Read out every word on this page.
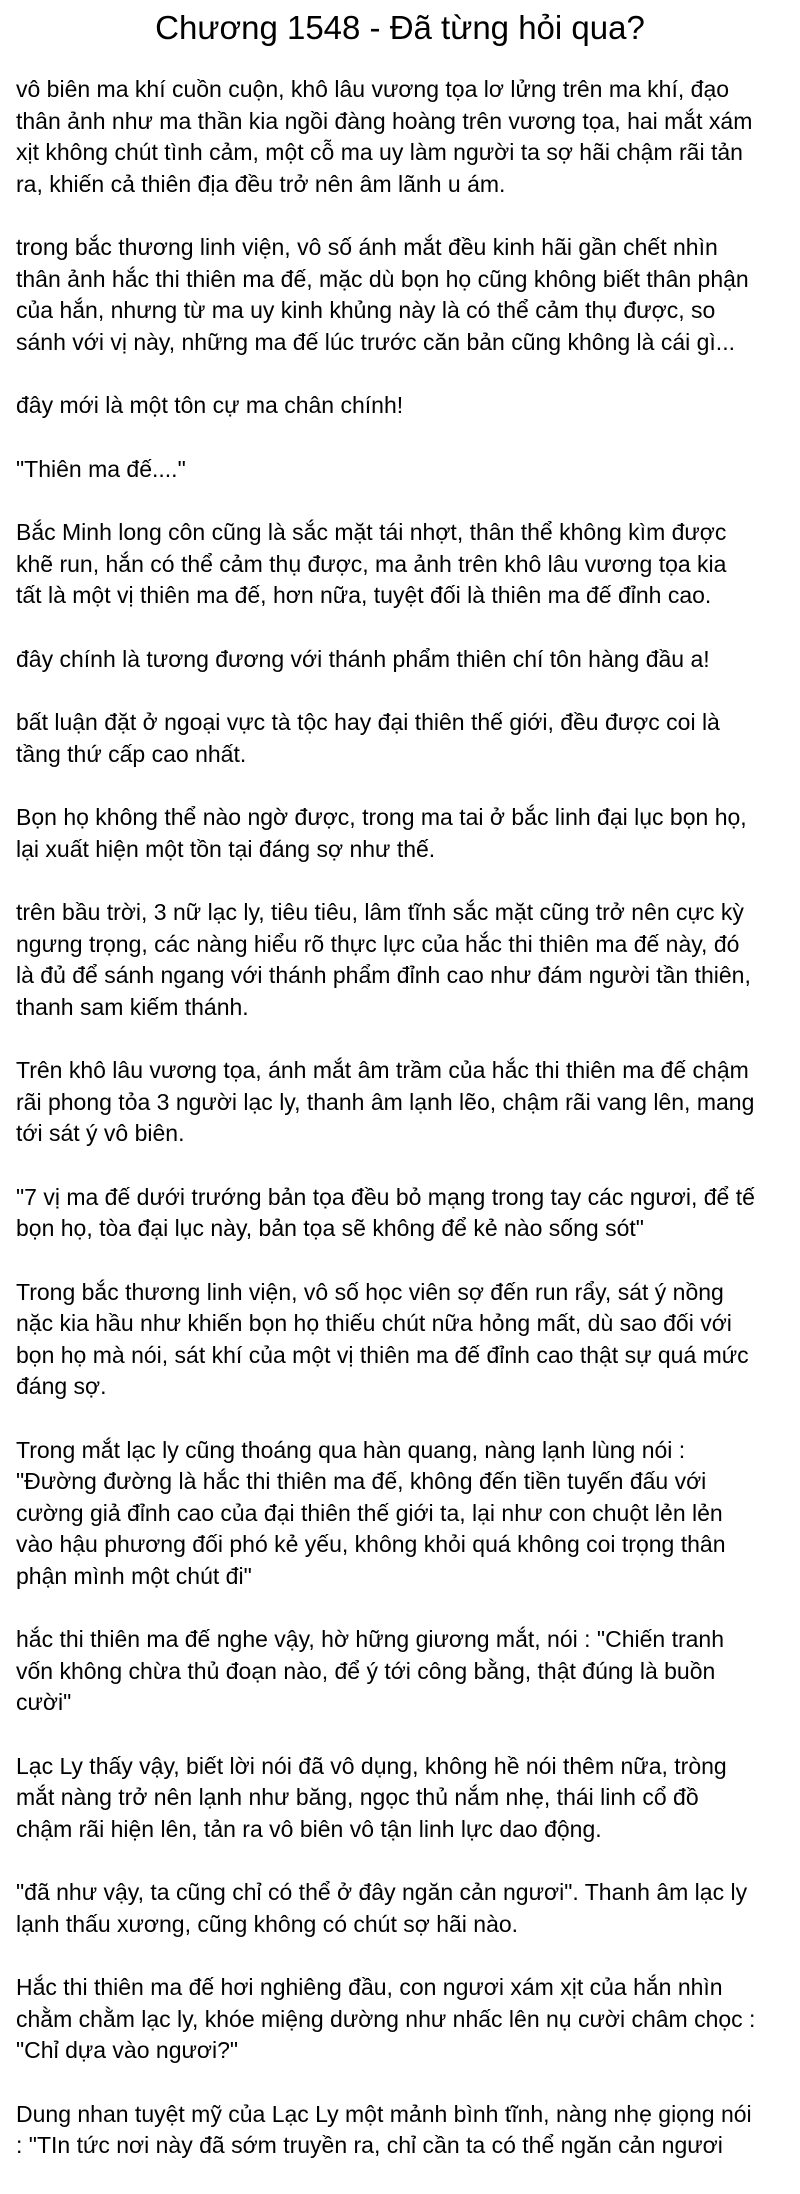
Chương 1548 - Đã từng hỏi qua?

vô biên ma khí cuồn cuộn, khô lâu vương tọa lơ lửng trên ma khí, đạo
thân ảnh như ma thần kia ngồi đàng hoàng trên vương tọa, hai mắt xám
xịt không chút tình cảm, một cỗ ma uy làm người ta sợ hãi chậm rãi tản
ra, khiến cả thiên địa đều trở nên âm lãnh u ám.

trong bắc thương linh viện, vô số ánh mắt đều kinh hãi gần chết nhìn
thân ảnh hắc thi thiên ma đế, mặc dù bọn họ cũng không biết thân phận
của hắn, nhưng từ ma uy kinh khủng này là có thể cảm thụ được, so
sánh với vị này, những ma đế lúc trước căn bản cũng không là cái gì...

đây mới là một tôn cự ma chân chính!

"Thiên ma đế...."

Bắc Minh long côn cũng là sắc mặt tái nhợt, thân thể không kìm được
khẽ run, hắn có thể cảm thụ được, ma ảnh trên khô lâu vương tọa kia
tất là một vị thiên ma đế, hơn nữa, tuyệt đối là thiên ma đế đỉnh cao.

đây chính là tương đương với thánh phẩm thiên chí tôn hàng đầu a!

bất luận đặt ở ngoại vực tà tộc hay đại thiên thế giới, đều được coi là
tầng thứ cấp cao nhất.

Bọn họ không thể nào ngờ được, trong ma tai ở bắc linh đại lục bọn họ,
lại xuất hiện một tồn tại đáng sợ như thế.

trên bầu trời, 3 nữ lạc ly, tiêu tiêu, lâm tĩnh sắc mặt cũng trở nên cực kỳ
ngưng trọng, các nàng hiểu rõ thực lực của hắc thi thiên ma đế này, đó
là đủ để sánh ngang với thánh phẩm đỉnh cao như đám người tần thiên,
thanh sam kiếm thánh.

Trên khô lâu vương tọa, ánh mắt âm trầm của hắc thi thiên ma đế chậm
rãi phong tỏa 3 người lạc ly, thanh âm lạnh lẽo, chậm rãi vang lên, mang
tới sát ý vô biên.

"7 vị ma đế dưới trướng bản tọa đều bỏ mạng trong tay các ngươi, để tế
bọn họ, tòa đại lục này, bản tọa sẽ không để kẻ nào sống sót"

Trong bắc thương linh viện, vô số học viên sợ đến run rẩy, sát ý nồng
nặc kia hầu như khiến bọn họ thiếu chút nữa hỏng mất, dù sao đối với
bọn họ mà nói, sát khí của một vị thiên ma đế đỉnh cao thật sự quá mức
đáng sợ.

Trong mắt lạc ly cũng thoáng qua hàn quang, nàng lạnh lùng nói :
"Đường đường là hắc thi thiên ma đế, không đến tiền tuyến đấu với
cường giả đỉnh cao của đại thiên thế giới ta, lại như con chuột lẻn lẻn
vào hậu phương đối phó kẻ yếu, không khỏi quá không coi trọng thân
phận mình một chút đi"

hắc thi thiên ma đế nghe vậy, hờ hững giương mắt, nói : "Chiến tranh
vốn không chừa thủ đoạn nào, để ý tới công bằng, thật đúng là buồn
cười"

Lạc Ly thấy vậy, biết lời nói đã vô dụng, không hề nói thêm nữa, tròng
mắt nàng trở nên lạnh như băng, ngọc thủ nắm nhẹ, thái linh cổ đồ
chậm rãi hiện lên, tản ra vô biên vô tận linh lực dao động.

"đã như vậy, ta cũng chỉ có thể ở đây ngăn cản ngươi". Thanh âm lạc ly
lạnh thấu xương, cũng không có chút sợ hãi nào.

Hắc thi thiên ma đế hơi nghiêng đầu, con ngươi xám xịt của hắn nhìn
chằm chằm lạc ly, khóe miệng dường như nhấc lên nụ cười châm chọc :
"Chỉ dựa vào ngươi?"

Dung nhan tuyệt mỹ của Lạc Ly một mảnh bình tĩnh, nàng nhẹ giọng nói
: "TIn tức nơi này đã sớm truyền ra, chỉ cần ta có thể ngăn cản ngươi
